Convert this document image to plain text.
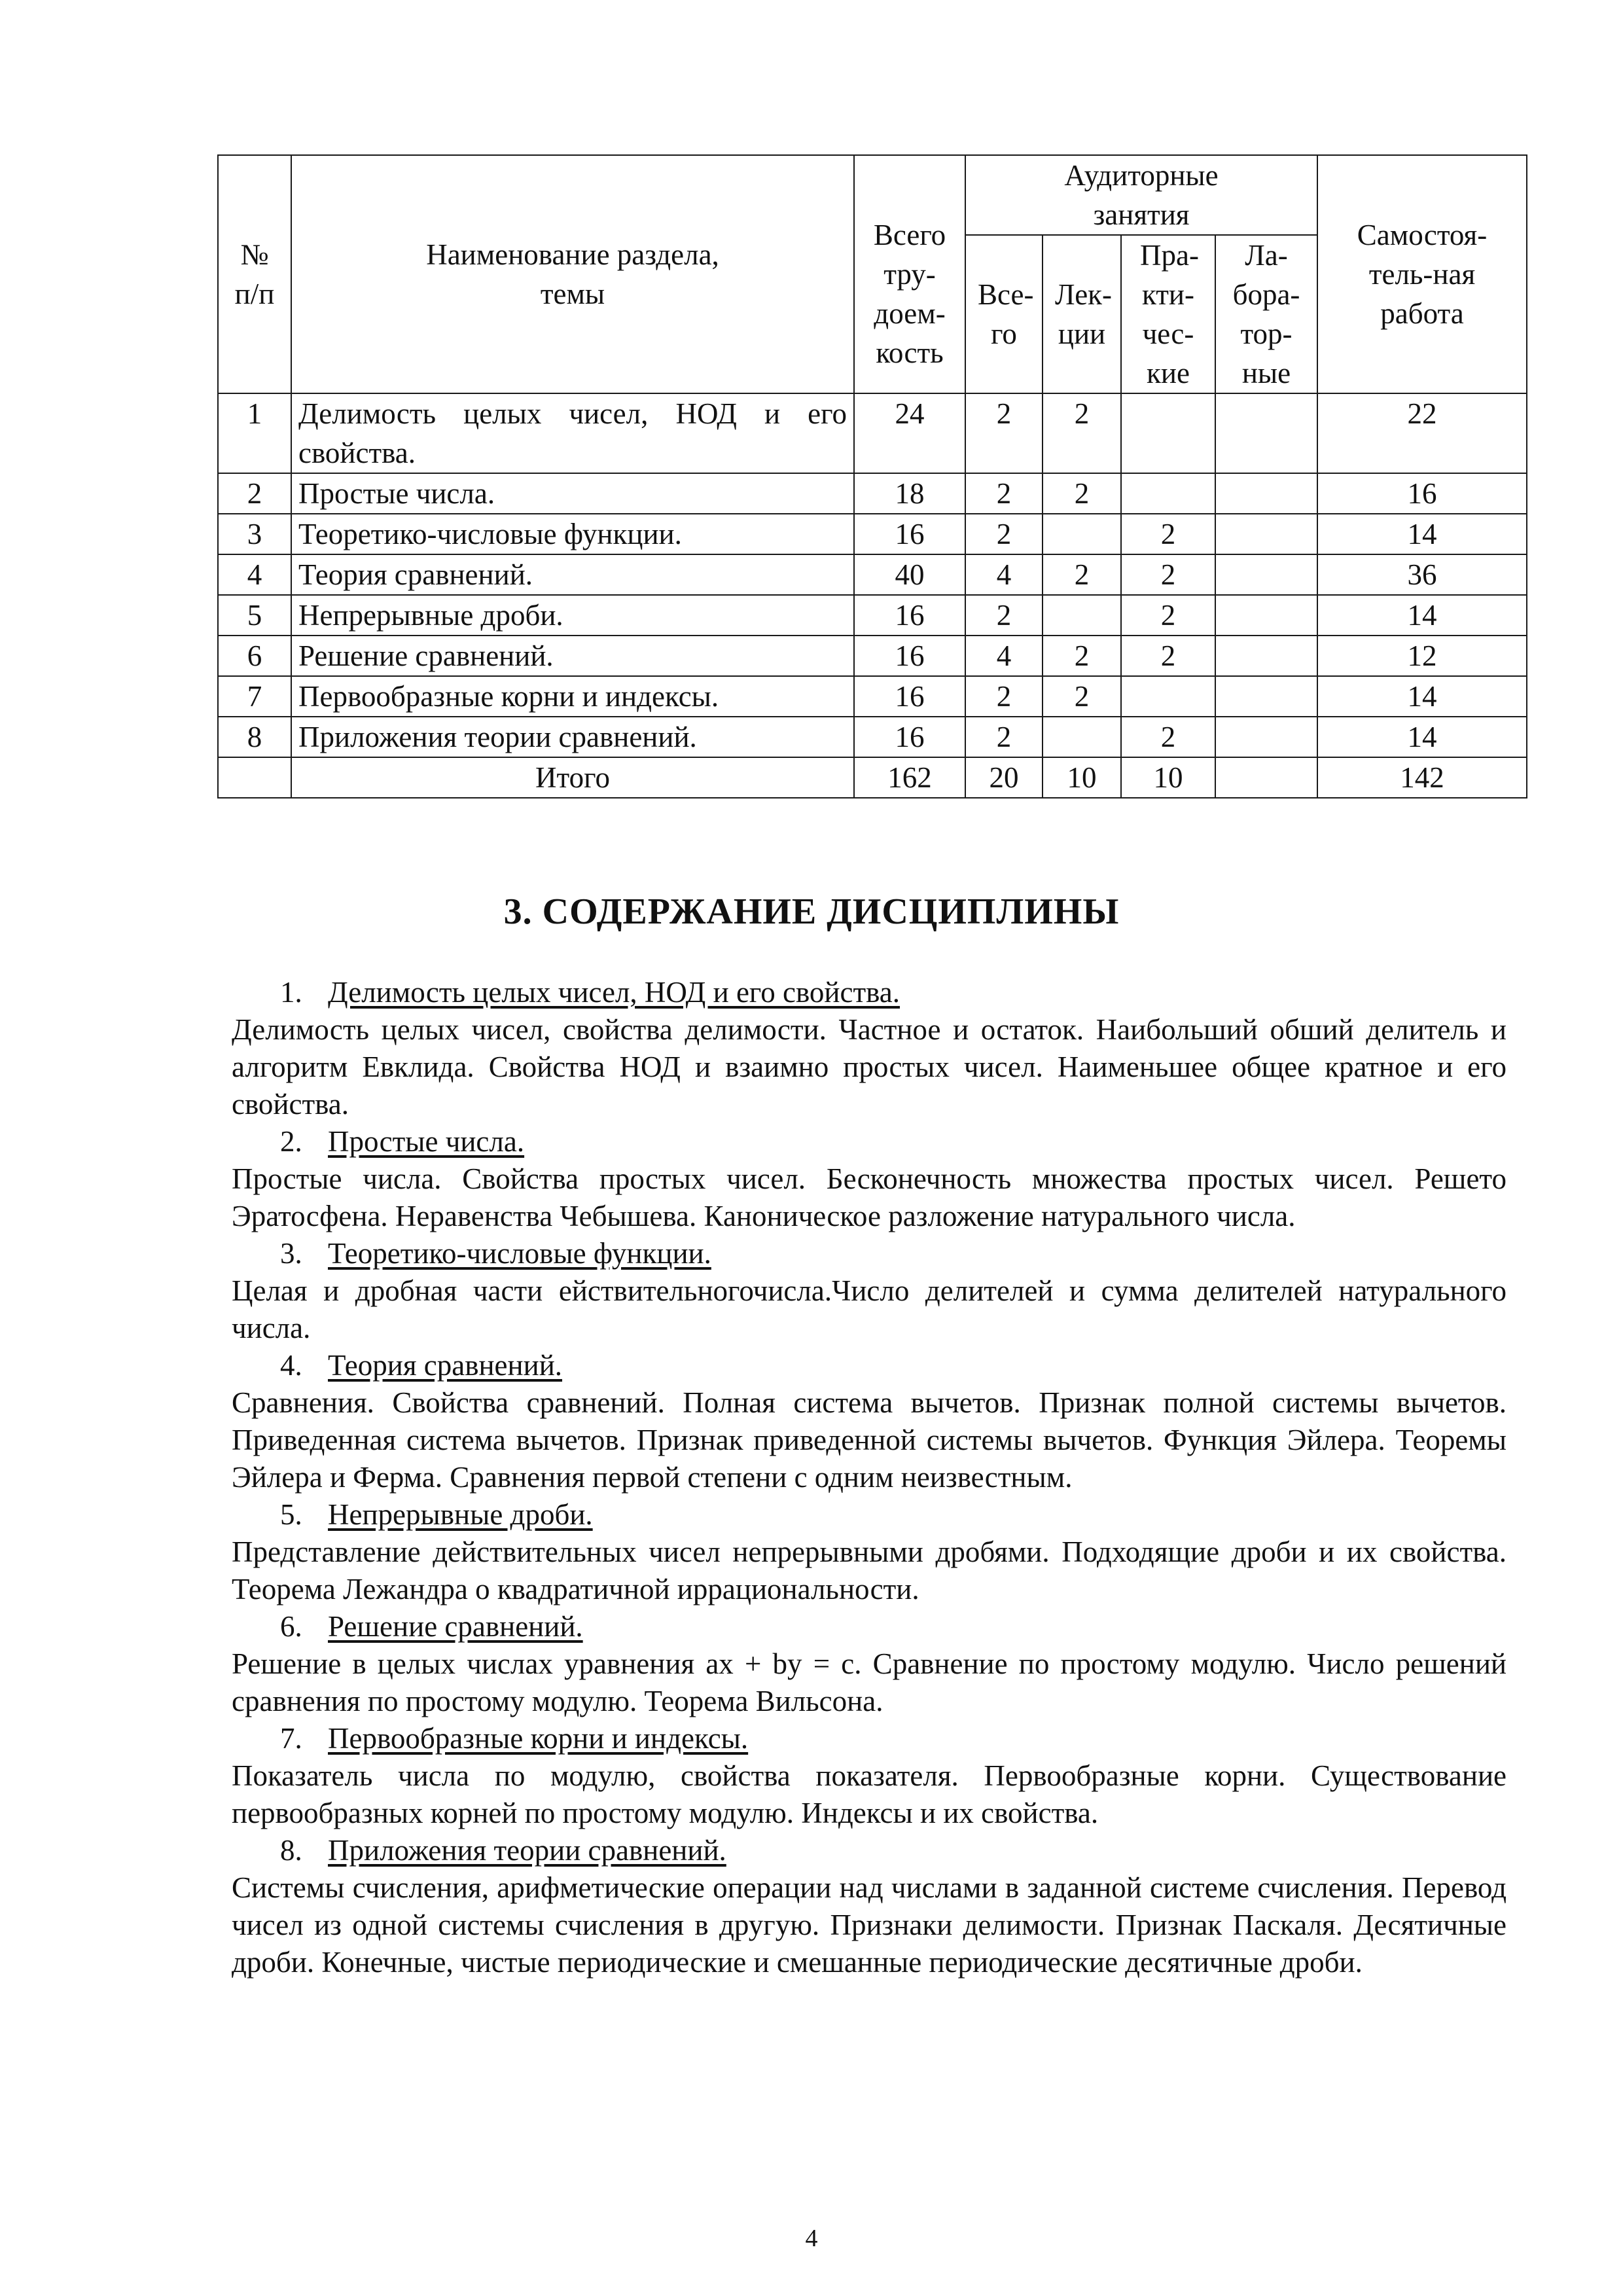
№ п/п	Наименование раздела, темы	Всего тру-доем-кость	Аудиторные занятия				Самостоя-тель-ная работа

			Все-го	Лек-ции	Пра-кти-чес-кие	Ла-бора-тор-ные	

1	Делимость целых чисел, НОД и его свойства.	24	2	2			22
2	Простые числа.	18	2	2			16
3	Теоретико-числовые функции.	16	2		2		14
4	Теория сравнений.	40	4	2	2		36
5	Непрерывные дроби.	16	2		2		14
6	Решение сравнений.	16	4	2	2		12
7	Первообразные корни и индексы.	16	2	2			14
8	Приложения теории сравнений.	16	2		2		14
	Итого	162	20	10	10		142
3. СОДЕРЖАНИЕ ДИСЦИПЛИНЫ
1. Делимость целых чисел, НОД и его свойства.
Делимость целых чисел, свойства делимости. Частное и остаток. Наибольший обший делитель и алгоритм Евклида. Свойства НОД и взаимно простых чисел. Наименьшее общее кратное и его свойства.
2. Простые числа.
Простые числа. Свойства простых чисел. Бесконечность множества простых чисел. Решето Эратосфена. Неравенства Чебышева. Каноническое разложение натурального числа.
3. Теоретико-числовые функции.
Целая и дробная части ействительногочисла.Число делителей и сумма делителей натурального числа.
4. Теория сравнений.
Сравнения. Свойства сравнений. Полная система вычетов. Признак полной системы вычетов. Приведенная система вычетов. Признак приведенной системы вычетов. Функция Эйлера. Теоремы Эйлера и Ферма. Сравнения первой степени с одним неизвестным.
5. Непрерывные дроби.
Представление действительных чисел непрерывными дробями. Подходящие дроби и их свойства. Теорема Лежандра о квадратичной иррациональности.
6. Решение сравнений.
Решение в целых числах уравнения ax + by = c. Сравнение по простому модулю. Число решений сравнения по простому модулю. Теорема Вильсона.
7. Первообразные корни и индексы.
Показатель числа по модулю, свойства показателя. Первообразные корни. Существование первообразных корней по простому модулю. Индексы и их свойства.
8. Приложения теории сравнений.
Системы счисления, арифметические операции над числами в заданной системе счисления. Перевод чисел из одной системы счисления в другую. Признаки делимости. Признак Паскаля. Десятичные дроби. Конечные, чистые периодические и смешанные периодические десятичные дроби.
4
